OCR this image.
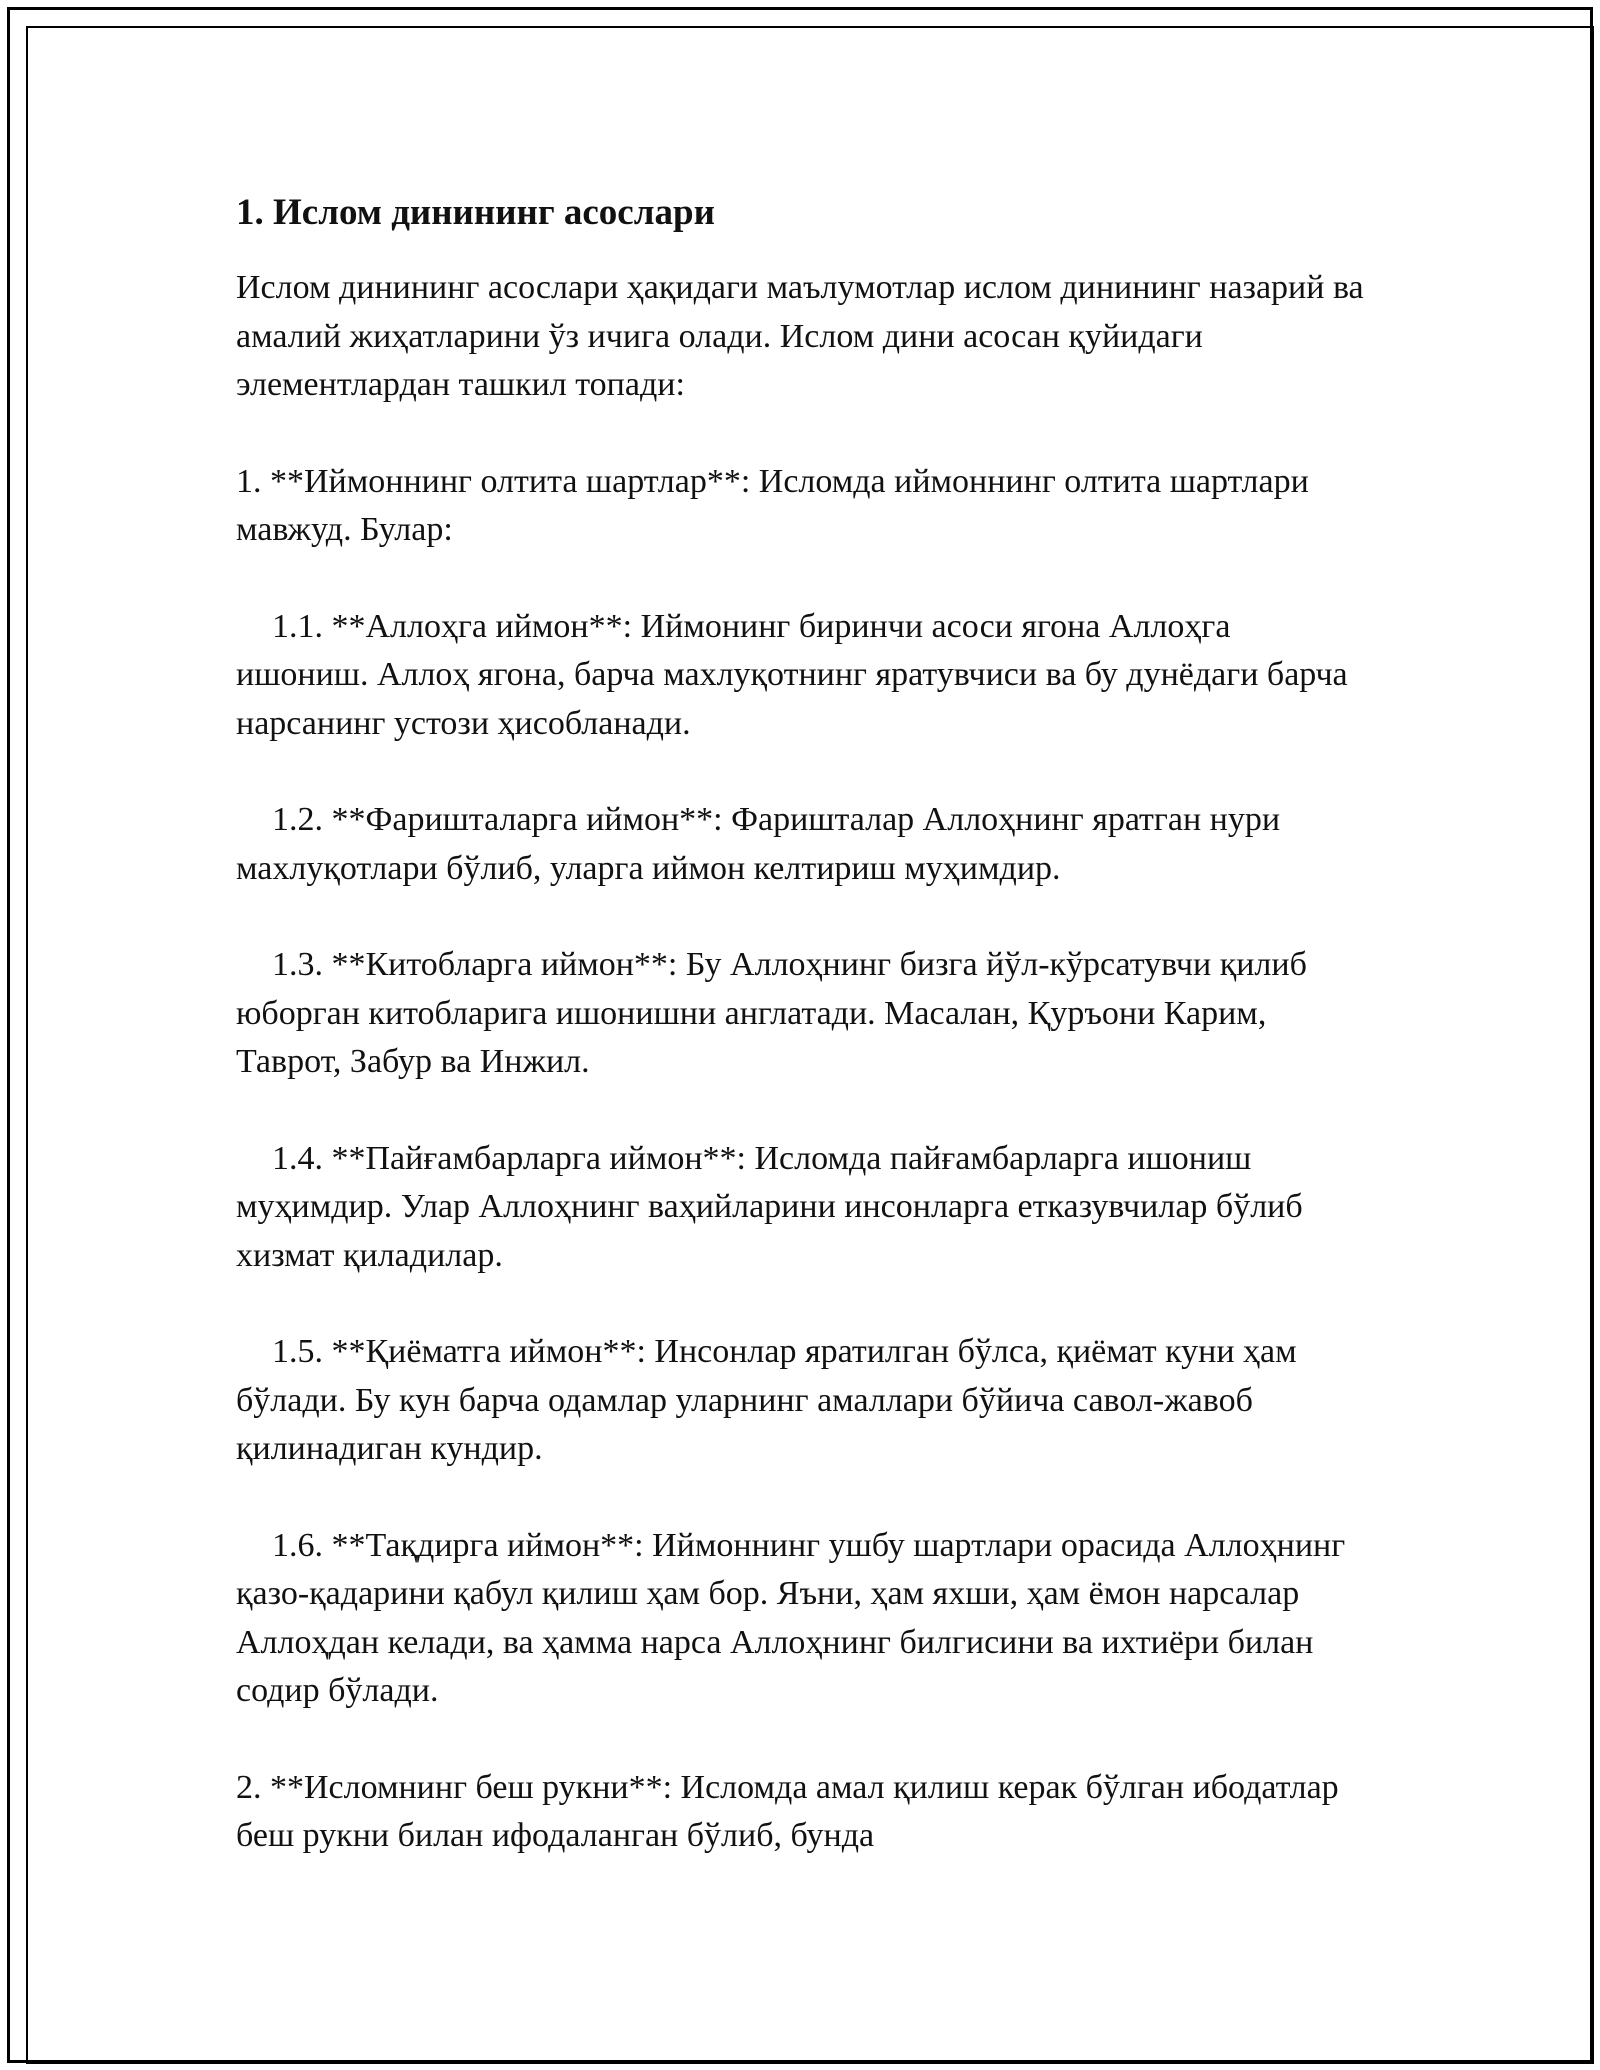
1. Ислом динининг асослари

Ислом динининг асослари ҳақидаги маълумотлар ислом динининг назарий ва амалий жиҳатларини ўз ичига олади. Ислом дини асосан қуйидаги элементлардан ташкил топади:

1. **Иймоннинг олтита шартлар**: Исломда иймоннинг олтита шартлари мавжуд. Булар:

1.1. **Аллоҳга иймон**: Иймонинг биринчи асоси ягона Аллоҳга ишониш. Аллоҳ ягона, барча махлуқотнинг яратувчиси ва бу дунёдаги барча нарсанинг устози ҳисобланади.

1.2. **Фаришталарга иймон**: Фаришталар Аллоҳнинг яратган нури махлуқотлари бўлиб, уларга иймон келтириш муҳимдир.

1.3. **Китобларга иймон**: Бу Аллоҳнинг бизга йўл-кўрсатувчи қилиб юборган китобларига ишонишни англатади. Масалан, Қуръони Карим, Таврот, Забур ва Инжил.

1.4. **Пайғамбарларга иймон**: Исломда пайғамбарларга ишониш муҳимдир. Улар Аллоҳнинг ваҳийларини инсонларга етказувчилар бўлиб хизмат қиладилар.

1.5. **Қиёматга иймон**: Инсонлар яратилган бўлса, қиёмат куни ҳам бўлади. Бу кун барча одамлар уларнинг амаллари бўйича савол-жавоб қилинадиган кундир.

1.6. **Тақдирга иймон**: Иймоннинг ушбу шартлари орасида Аллоҳнинг қазо-қадарини қабул қилиш ҳам бор. Яъни, ҳам яхши, ҳам ёмон нарсалар Аллоҳдан келади, ва ҳамма нарса Аллоҳнинг билгисини ва ихтиёри билан содир бўлади.

2. **Исломнинг беш рукни**: Исломда амал қилиш керак бўлган ибодатлар беш рукни билан ифодаланган бўлиб, бунда
